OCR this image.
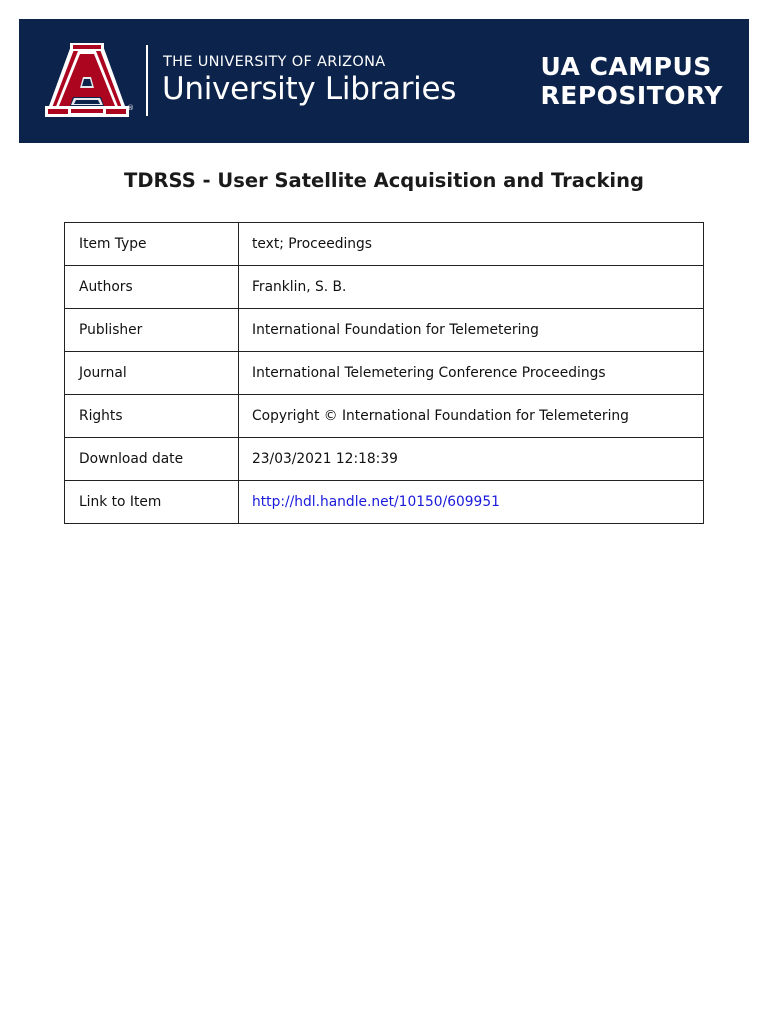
®
THE UNIVERSITY OF ARIZONA
University Libraries
UA CAMPUS
REPOSITORY
TDRSS - User Satellite Acquisition and Tracking
Item Type	text; Proceedings
Authors	Franklin, S. B.
Publisher	International Foundation for Telemetering
Journal	International Telemetering Conference Proceedings
Rights	Copyright © International Foundation for Telemetering
Download date	23/03/2021 12:18:39
Link to Item	http://hdl.handle.net/10150/609951
